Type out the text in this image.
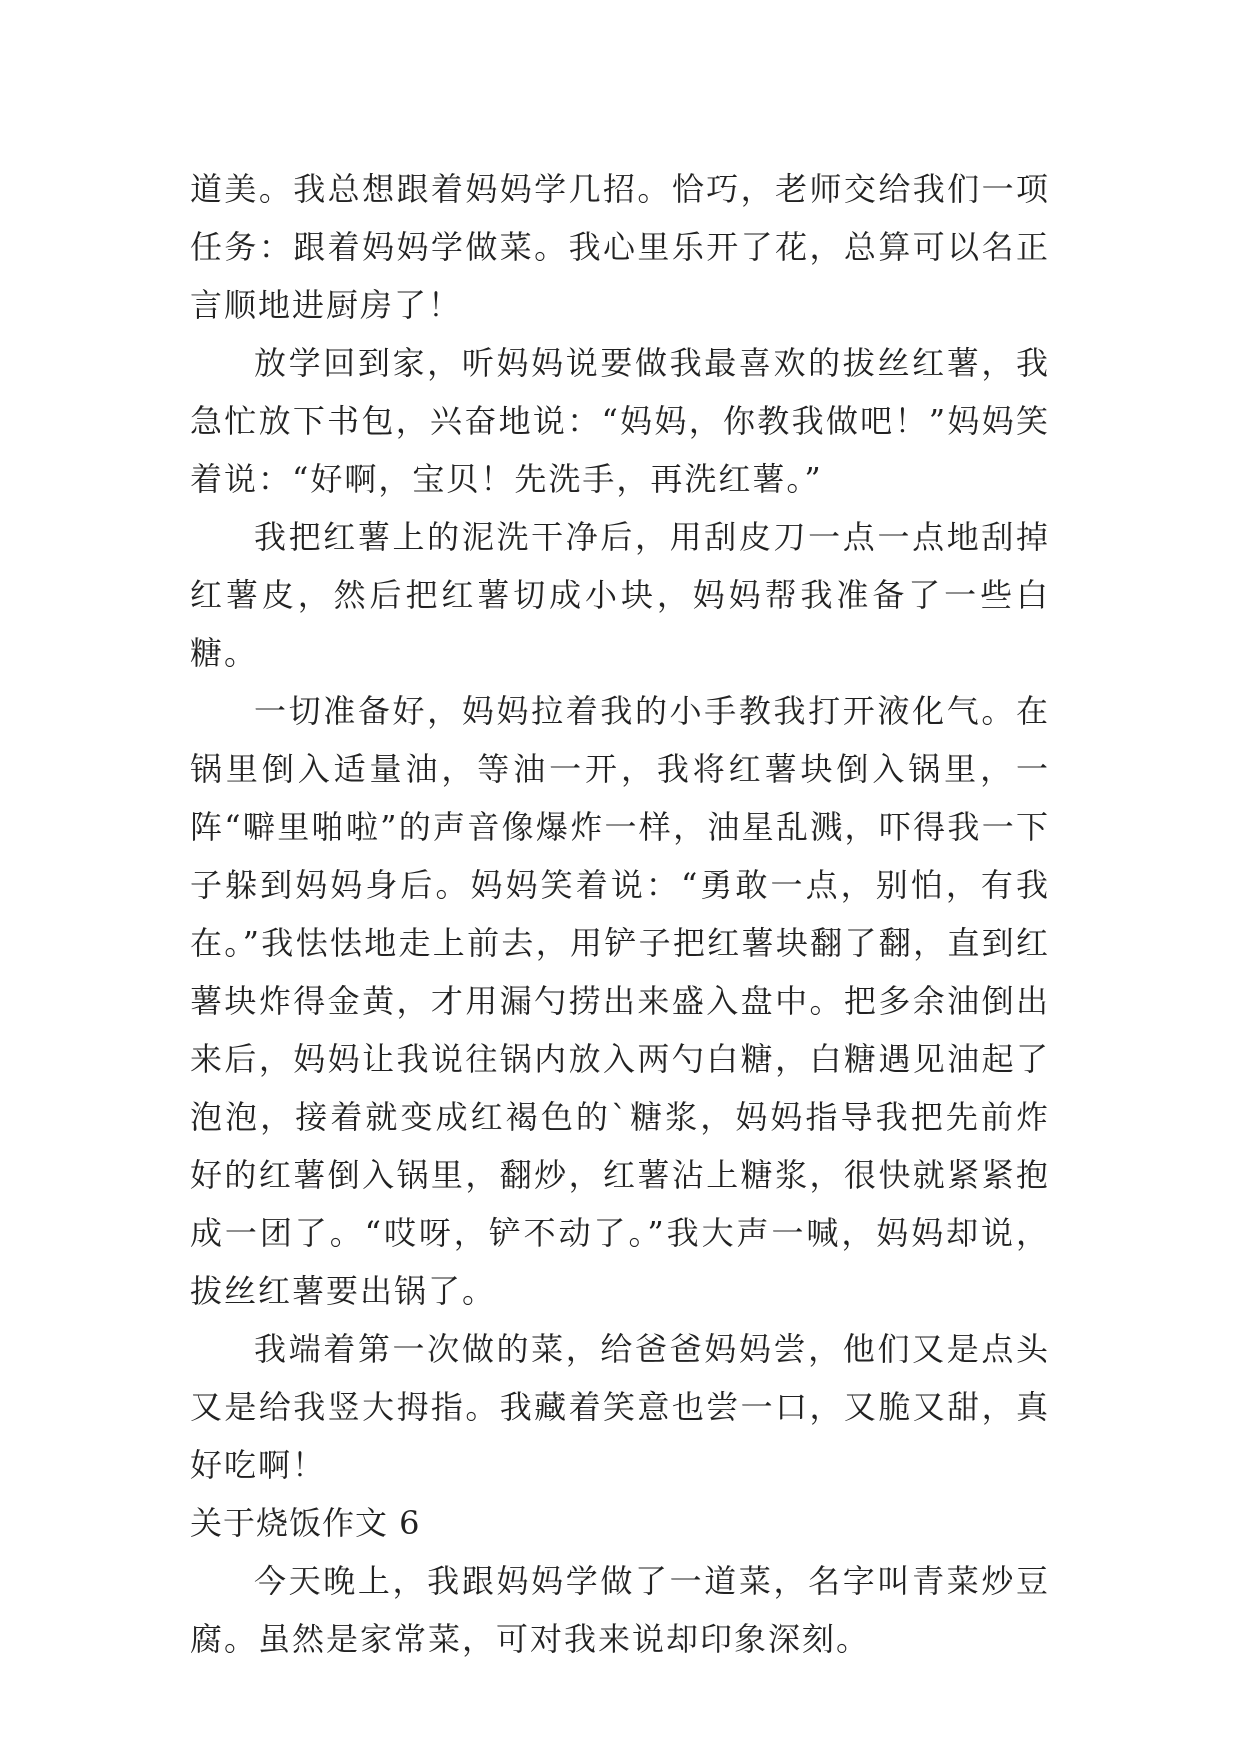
道美。我总想跟着妈妈学几招。恰巧，老师交给我们一项任务：跟着妈妈学做菜。我心里乐开了花，总算可以名正言顺地进厨房了！

放学回到家，听妈妈说要做我最喜欢的拔丝红薯，我急忙放下书包，兴奋地说：“妈妈，你教我做吧！”妈妈笑着说：“好啊，宝贝！先洗手，再洗红薯。”

我把红薯上的泥洗干净后，用刮皮刀一点一点地刮掉红薯皮，然后把红薯切成小块，妈妈帮我准备了一些白糖。

一切准备好，妈妈拉着我的小手教我打开液化气。在锅里倒入适量油，等油一开，我将红薯块倒入锅里，一阵“噼里啪啦”的声音像爆炸一样，油星乱溅，吓得我一下子躲到妈妈身后。妈妈笑着说：“勇敢一点，别怕，有我在。”我怯怯地走上前去，用铲子把红薯块翻了翻，直到红薯块炸得金黄，才用漏勺捞出来盛入盘中。把多余油倒出来后，妈妈让我说往锅内放入两勺白糖，白糖遇见油起了泡泡，接着就变成红褐色的`糖浆，妈妈指导我把先前炸好的红薯倒入锅里，翻炒，红薯沾上糖浆，很快就紧紧抱成一团了。“哎呀，铲不动了。”我大声一喊，妈妈却说，拔丝红薯要出锅了。

我端着第一次做的菜，给爸爸妈妈尝，他们又是点头又是给我竖大拇指。我藏着笑意也尝一口，又脆又甜，真好吃啊！

关于烧饭作文 6

今天晚上，我跟妈妈学做了一道菜，名字叫青菜炒豆腐。虽然是家常菜，可对我来说却印象深刻。
